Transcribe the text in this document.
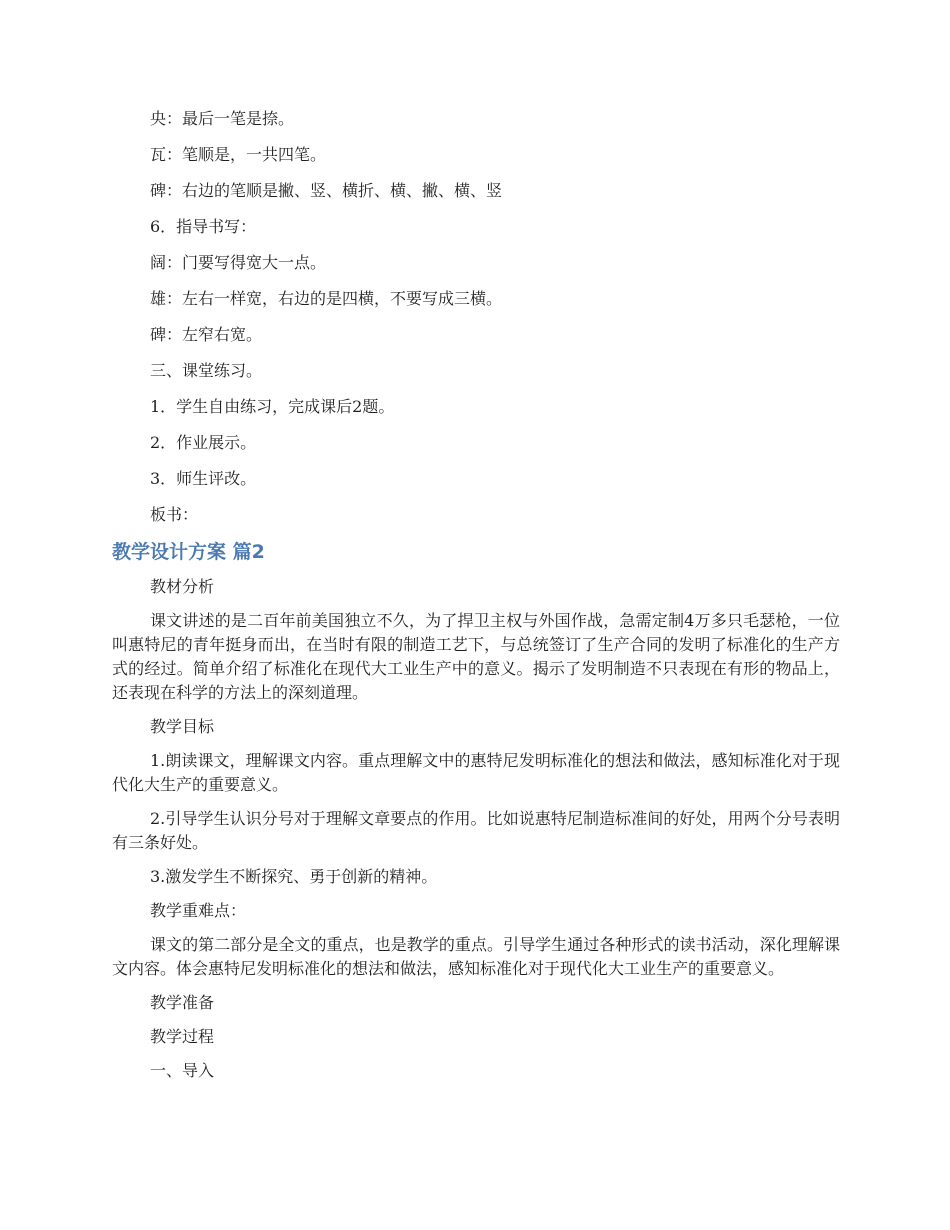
央：最后一笔是捺。
瓦：笔顺是，一共四笔。
碑：右边的笔顺是撇、竖、横折、横、撇、横、竖
6．指导书写：
阔：门要写得宽大一点。
雄：左右一样宽，右边的是四横，不要写成三横。
碑：左窄右宽。
三、课堂练习。
1．学生自由练习，完成课后2题。
2．作业展示。
3．师生评改。
板书：
教学设计方案 篇2
教材分析
课文讲述的是二百年前美国独立不久，为了捍卫主权与外国作战，急需定制4万多只毛瑟枪，一位叫惠特尼的青年挺身而出，在当时有限的制造工艺下，与总统签订了生产合同的发明了标准化的生产方式的经过。简单介绍了标准化在现代大工业生产中的意义。揭示了发明制造不只表现在有形的物品上，还表现在科学的方法上的深刻道理。
教学目标
1.朗读课文，理解课文内容。重点理解文中的惠特尼发明标准化的想法和做法，感知标准化对于现代化大生产的重要意义。
2.引导学生认识分号对于理解文章要点的作用。比如说惠特尼制造标准间的好处，用两个分号表明有三条好处。
3.激发学生不断探究、勇于创新的精神。
教学重难点：
课文的第二部分是全文的重点，也是教学的重点。引导学生通过各种形式的读书活动，深化理解课文内容。体会惠特尼发明标准化的想法和做法，感知标准化对于现代化大工业生产的重要意义。
教学准备
教学过程
一、导入
